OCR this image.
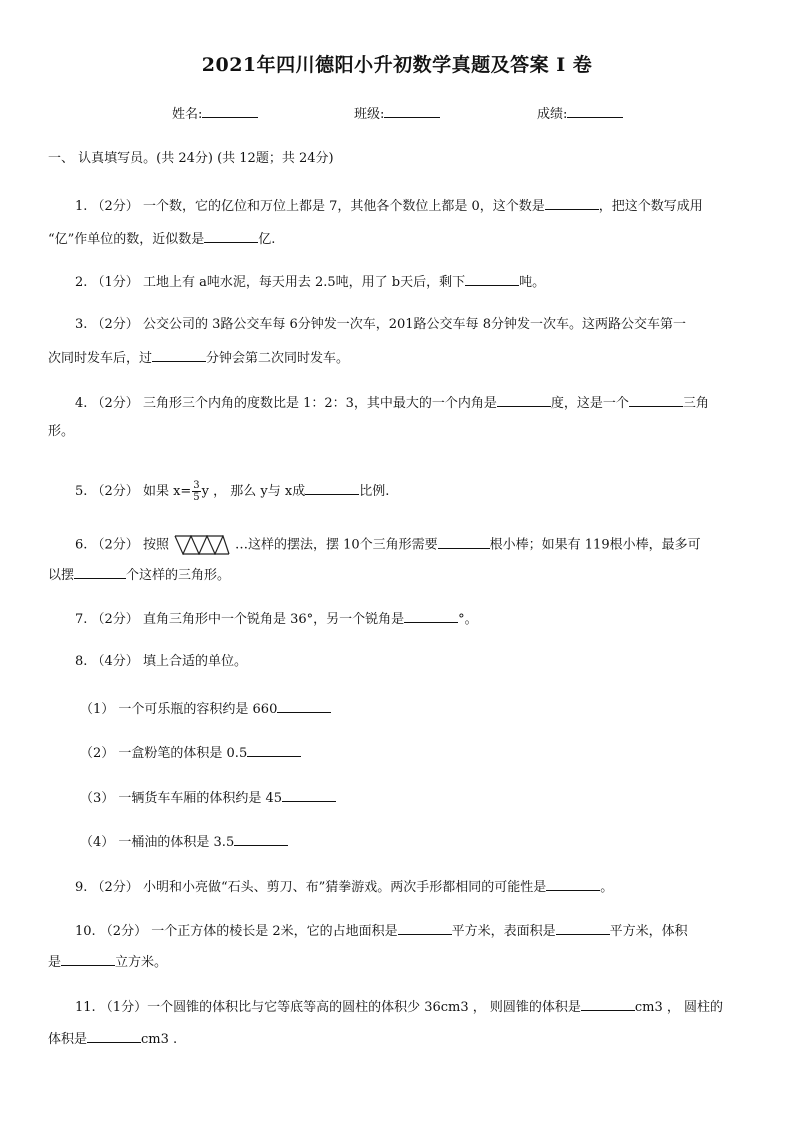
2021年四川德阳小升初数学真题及答案 I 卷
姓名:	班级:	成绩:
一、 认真填写员。(共 24分) (共 12题；共 24分)
1. （2分） 一个数，它的亿位和万位上都是 7，其他各个数位上都是 0，这个数是	，把这个数写成用
“亿”作单位的数，近似数是	亿.
2. （1分） 工地上有 a吨水泥，每天用去 2.5吨，用了 b天后，剩下	吨。
3. （2分） 公交公司的 3路公交车每 6分钟发一次车，201路公交车每 8分钟发一次车。这两路公交车第一
次同时发车后，过	分钟会第二次同时发车。
4. （2分） 三角形三个内角的度数比是 1：2：3，其中最大的一个内角是	度，这是一个	三角
形。
5. （2分） 如果 $x= \frac{3}{5}$ y ， 那么 y与 x成	比例.
6. （2分） 按照	…这样的摆法，摆 10个三角形需要	根小棒；如果有 119根小棒，最多可
以摆	个这样的三角形。
7. （2分） 直角三角形中一个锐角是 36°，另一个锐角是	°。
8. （4分） 填上合适的单位。
（1） 一个可乐瓶的容积约是 660
（2） 一盒粉笔的体积是 0.5
（3） 一辆货车车厢的体积约是 45
（4） 一桶油的体积是 3.5
9. （2分） 小明和小亮做“石头、剪刀、布”猜拳游戏。两次手形都相同的可能性是	。
10. （2分） 一个正方体的棱长是 2米，它的占地面积是	平方米，表面积是	平方米，体积
是	立方米。
11. （1分）一个圆锥的体积比与它等底等高的圆柱的体积少 36cm3 ， 则圆锥的体积是	cm3 ， 圆柱的
体积是	cm3 .
